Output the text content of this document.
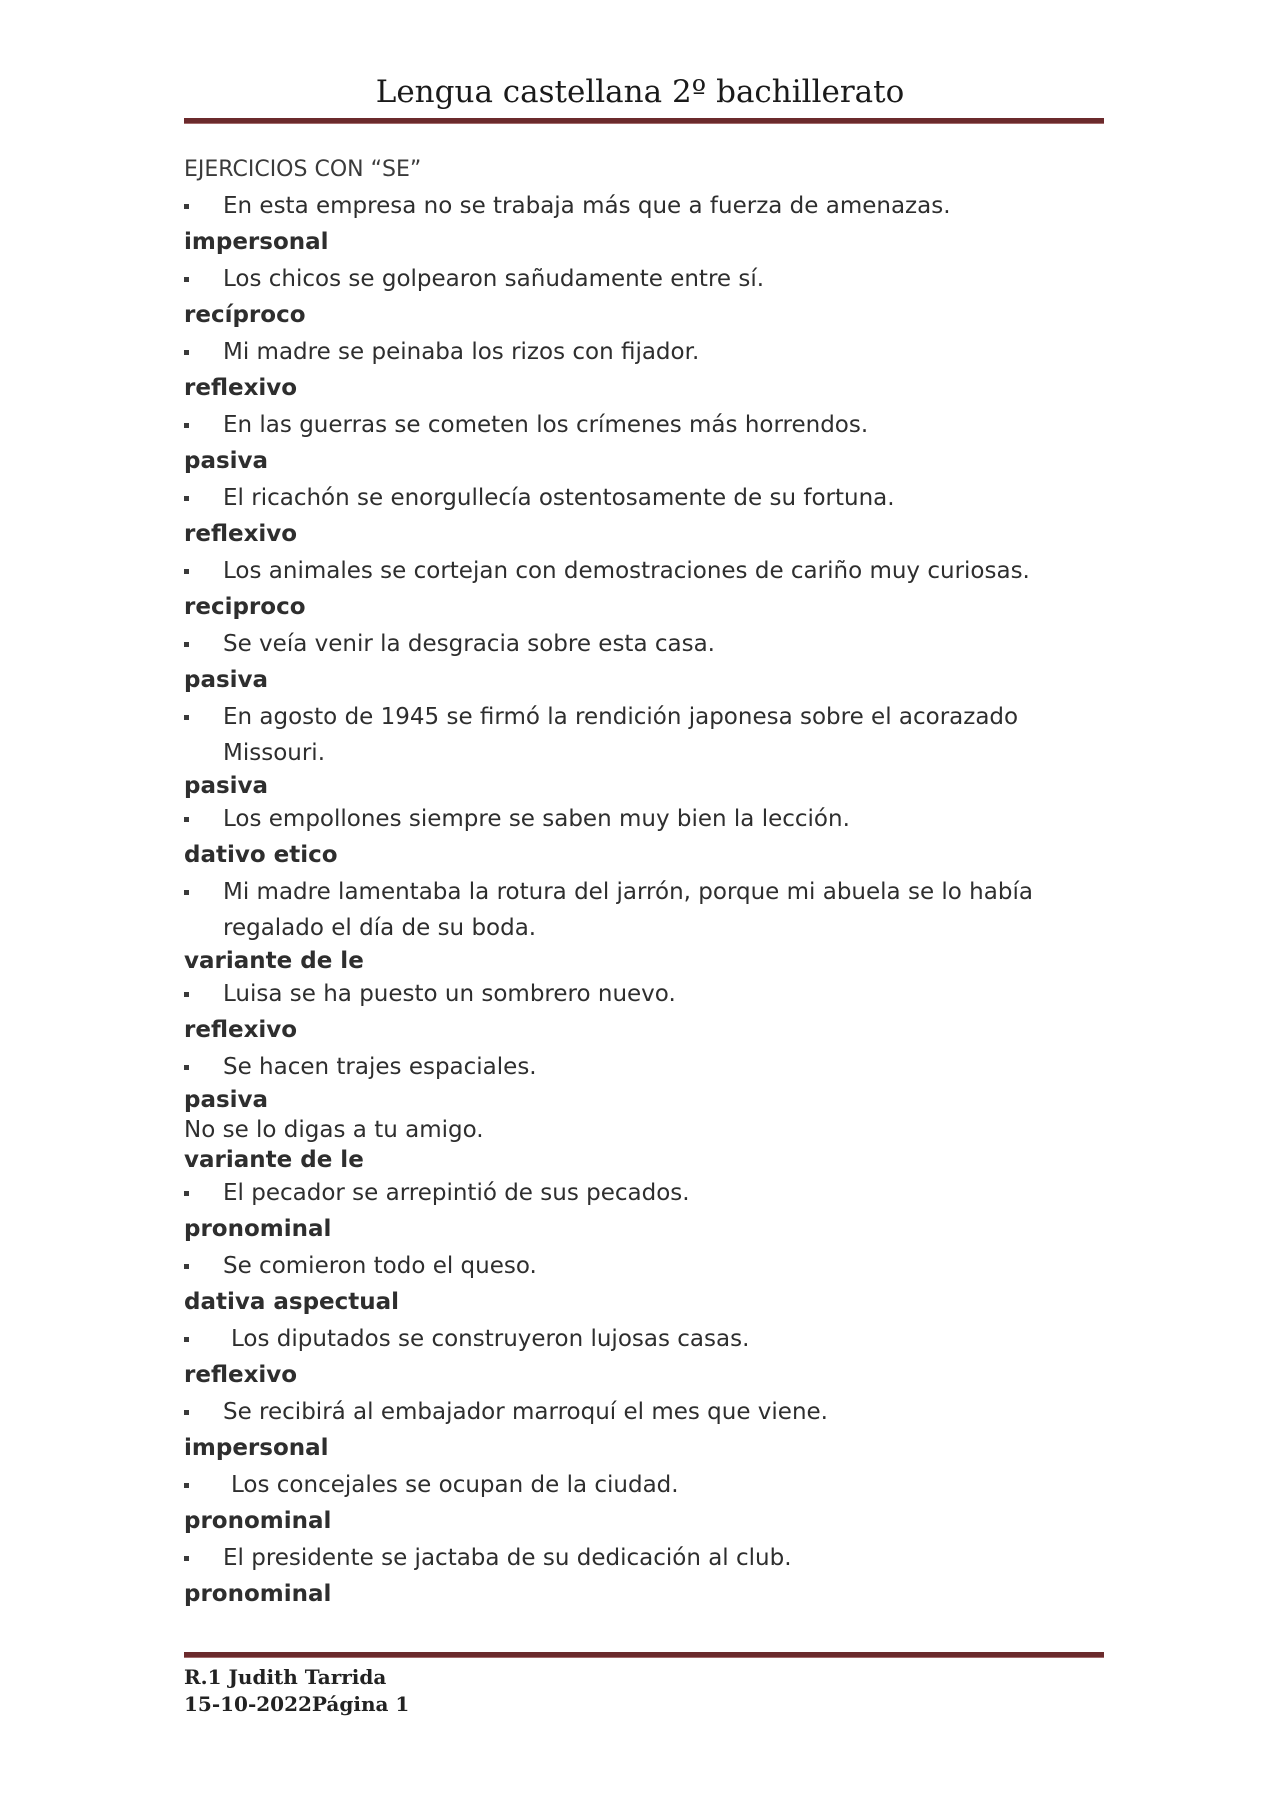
Lengua castellana 2º bachillerato

EJERCICIOS CON “SE”

En esta empresa no se trabaja más que a fuerza de amenazas.

impersonal

Los chicos se golpearon sañudamente entre sí.

recíproco

Mi madre se peinaba los rizos con fijador.

reflexivo

En las guerras se cometen los crímenes más horrendos.

pasiva

El ricachón se enorgullecía ostentosamente de su fortuna.

reflexivo

Los animales se cortejan con demostraciones de cariño muy curiosas.

reciproco

Se veía venir la desgracia sobre esta casa.

pasiva

En agosto de 1945 se firmó la rendición japonesa sobre el acorazado Missouri.

pasiva

Los empollones siempre se saben muy bien la lección.

dativo etico

Mi madre lamentaba la rotura del jarrón, porque mi abuela se lo había regalado el día de su boda.

variante de le

Luisa se ha puesto un sombrero nuevo.

reflexivo

Se hacen trajes espaciales.

pasiva

No se lo digas a tu amigo.

variante de le

El pecador se arrepintió de sus pecados.

pronominal

Se comieron todo el queso.

dativa aspectual

Los diputados se construyeron lujosas casas.

reflexivo

Se recibirá al embajador marroquí el mes que viene.

impersonal

Los concejales se ocupan de la ciudad.

pronominal

El presidente se jactaba de su dedicación al club.

pronominal

R.1 Judith Tarrida
15-10-2022Página 1
